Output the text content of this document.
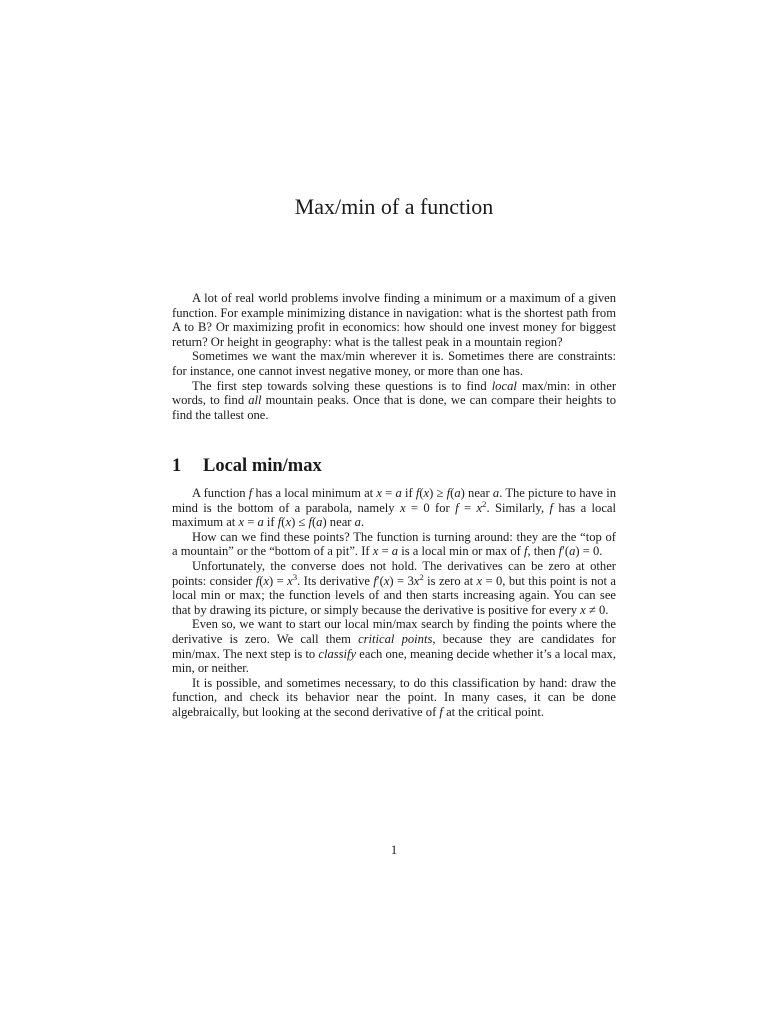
Max/min of a function

A lot of real world problems involve finding a minimum or a maximum of a given function. For example minimizing distance in navigation: what is the shortest path from A to B? Or maximizing profit in economics: how should one invest money for biggest return? Or height in geography: what is the tallest peak in a mountain region?

Sometimes we want the max/min wherever it is. Sometimes there are constraints: for instance, one cannot invest negative money, or more than one has.

The first step towards solving these questions is to find local max/min: in other words, to find all mountain peaks. Once that is done, we can compare their heights to find the tallest one.

1 Local min/max

A function f has a local minimum at x = a if f(x) ≥ f(a) near a. The picture to have in mind is the bottom of a parabola, namely x = 0 for $f = x^2$. Similarly, f has a local maximum at x = a if f(x) ≤ f(a) near a.

How can we find these points? The function is turning around: they are the “top of a mountain” or the “bottom of a pit”. If x = a is a local min or max of f, then f′(a) = 0.

Unfortunately, the converse does not hold. The derivatives can be zero at other points: consider $f(x) = x^3$. Its derivative $f'(x) = 3x^2$ is zero at x = 0, but this point is not a local min or max; the function levels of and then starts increasing again. You can see that by drawing its picture, or simply because the derivative is positive for every x ≠ 0.

Even so, we want to start our local min/max search by finding the points where the derivative is zero. We call them critical points, because they are candidates for min/max. The next step is to classify each one, meaning decide whether it’s a local max, min, or neither.

It is possible, and sometimes necessary, to do this classification by hand: draw the function, and check its behavior near the point. In many cases, it can be done algebraically, but looking at the second derivative of f at the critical point.

1
